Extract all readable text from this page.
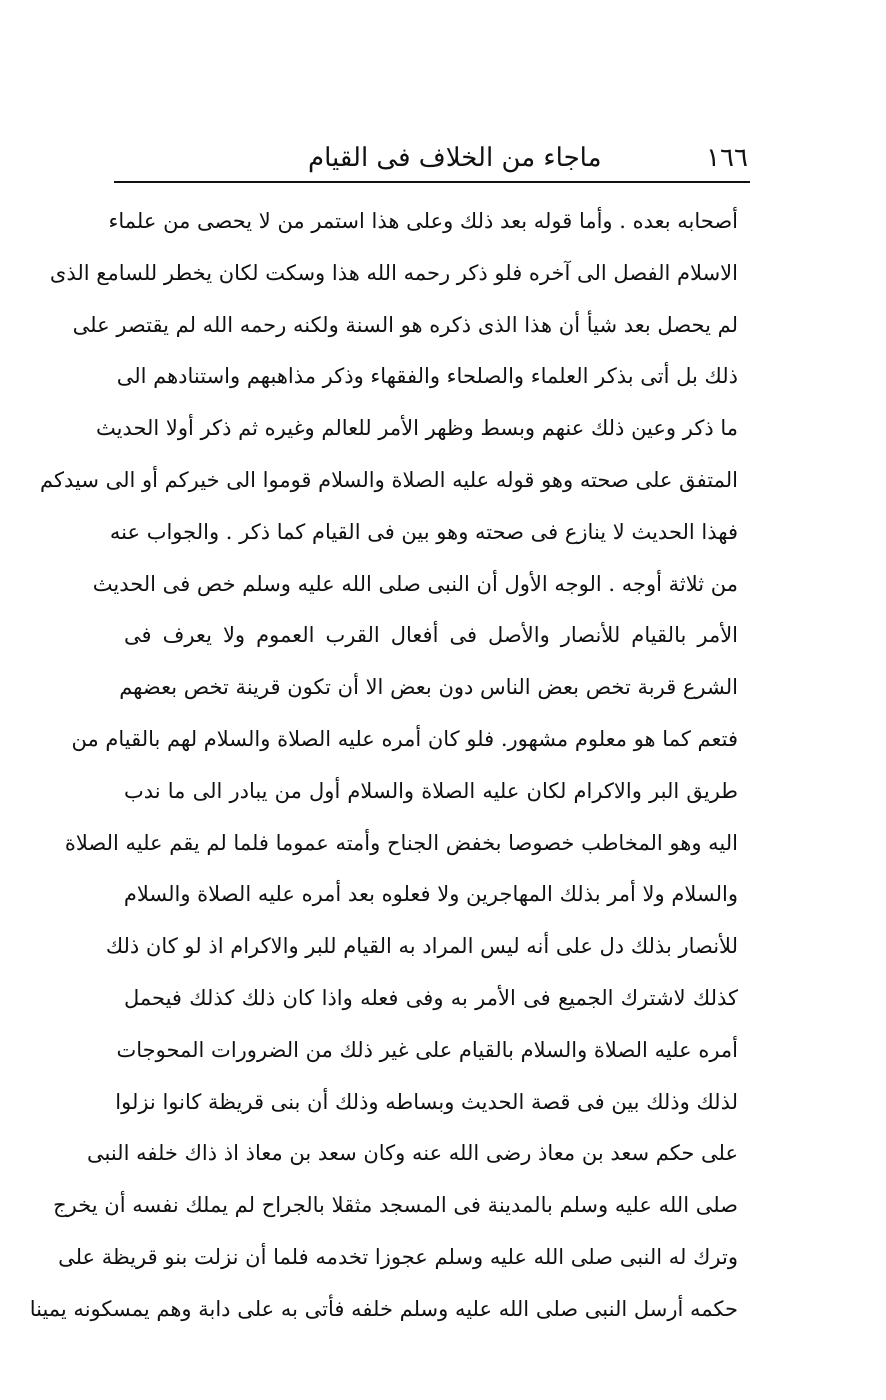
١٦٦
ماجاء من الخلاف فى القيام
أصحابه بعده . وأما قوله بعد ذلك وعلى هذا استمر من لا يحصى من علماء
الاسلام الفصل الى آخره فلو ذكر رحمه الله هذا وسكت لكان يخطر للسامع الذى
لم يحصل بعد شيأ أن هذا الذى ذكره هو السنة ولكنه رحمه الله لم يقتصر على
ذلك بل أتى بذكر العلماء والصلحاء والفقهاء وذكر مذاهبهم واستنادهم الى
ما ذكر وعين ذلك عنهم وبسط وظهر الأمر للعالم وغيره ثم ذكر أولا الحديث
المتفق على صحته وهو قوله عليه الصلاة والسلام قوموا الى خيركم أو الى سيدكم
فهذا الحديث لا ينازع فى صحته وهو بين فى القيام كما ذكر . والجواب عنه
من ثلاثة أوجه . الوجه الأول أن النبى صلى الله عليه وسلم خص فى الحديث
الأمر بالقيام للأنصار والأصل فى أفعال القرب العموم ولا يعرف فى
الشرع قربة تخص بعض الناس دون بعض الا أن تكون قرينة تخص بعضهم
فتعم كما هو معلوم مشهور. فلو كان أمره عليه الصلاة والسلام لهم بالقيام من
طريق البر والاكرام لكان عليه الصلاة والسلام أول من يبادر الى ما ندب
اليه وهو المخاطب خصوصا بخفض الجناح وأمته عموما فلما لم يقم عليه الصلاة
والسلام ولا أمر بذلك المهاجرين ولا فعلوه بعد أمره عليه الصلاة والسلام
للأنصار بذلك دل على أنه ليس المراد به القيام للبر والاكرام اذ لو كان ذلك
كذلك لاشترك الجميع فى الأمر به وفى فعله واذا كان ذلك كذلك فيحمل
أمره عليه الصلاة والسلام بالقيام على غير ذلك من الضرورات المحوجات
لذلك وذلك بين فى قصة الحديث وبساطه وذلك أن بنى قريظة كانوا نزلوا
على حكم سعد بن معاذ رضى الله عنه وكان سعد بن معاذ اذ ذاك خلفه النبى
صلى الله عليه وسلم بالمدينة فى المسجد مثقلا بالجراح لم يملك نفسه أن يخرج
وترك له النبى صلى الله عليه وسلم عجوزا تخدمه فلما أن نزلت بنو قريظة على
حكمه أرسل النبى صلى الله عليه وسلم خلفه فأتى به على دابة وهم يمسكونه يمينا
